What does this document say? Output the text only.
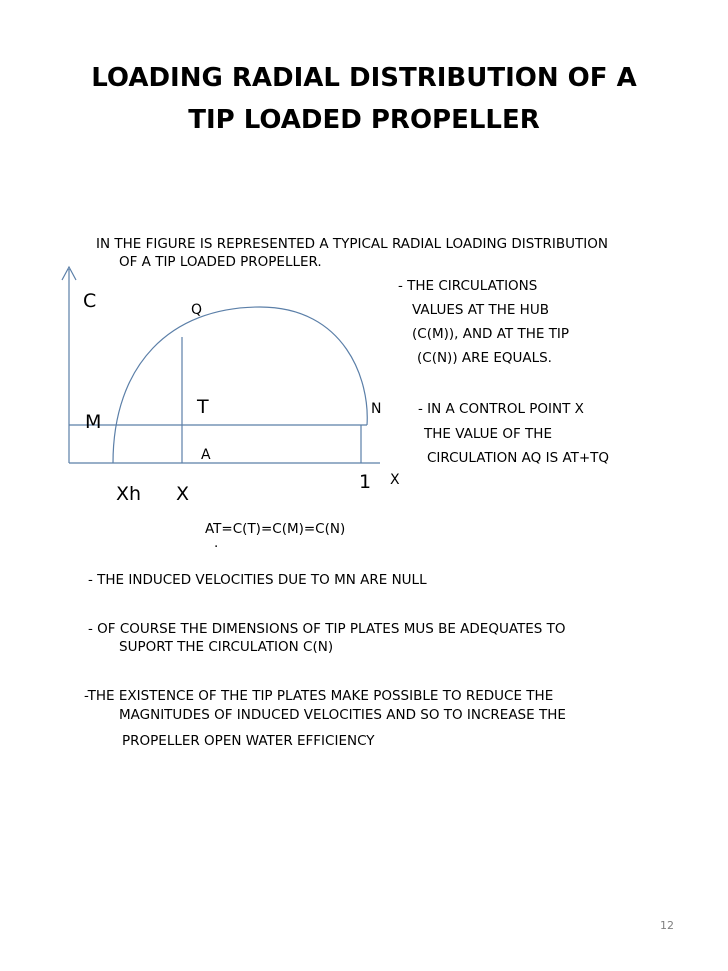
LOADING RADIAL DISTRIBUTION OF A
TIP LOADED PROPELLER
IN THE FIGURE IS REPRESENTED A TYPICAL RADIAL LOADING DISTRIBUTION
OF A TIP LOADED PROPELLER.
- THE CIRCULATIONS
VALUES AT THE HUB
(C(M)), AND AT THE TIP
(C(N)) ARE EQUALS.
- IN A CONTROL POINT X
THE VALUE OF THE
CIRCULATION AQ IS AT+TQ
C	Q
T
M
N
A
Xh X
1 X
AT=C(T)=C(M)=C(N)
.
- THE INDUCED VELOCITIES DUE TO MN ARE NULL
- OF COURSE THE DIMENSIONS OF TIP PLATES MUS BE ADEQUATES TO
SUPORT THE CIRCULATION C(N)
-THE EXISTENCE OF THE TIP PLATES MAKE POSSIBLE TO REDUCE THE
MAGNITUDES OF INDUCED VELOCITIES AND SO TO INCREASE THE
PROPELLER OPEN WATER EFFICIENCY
12
